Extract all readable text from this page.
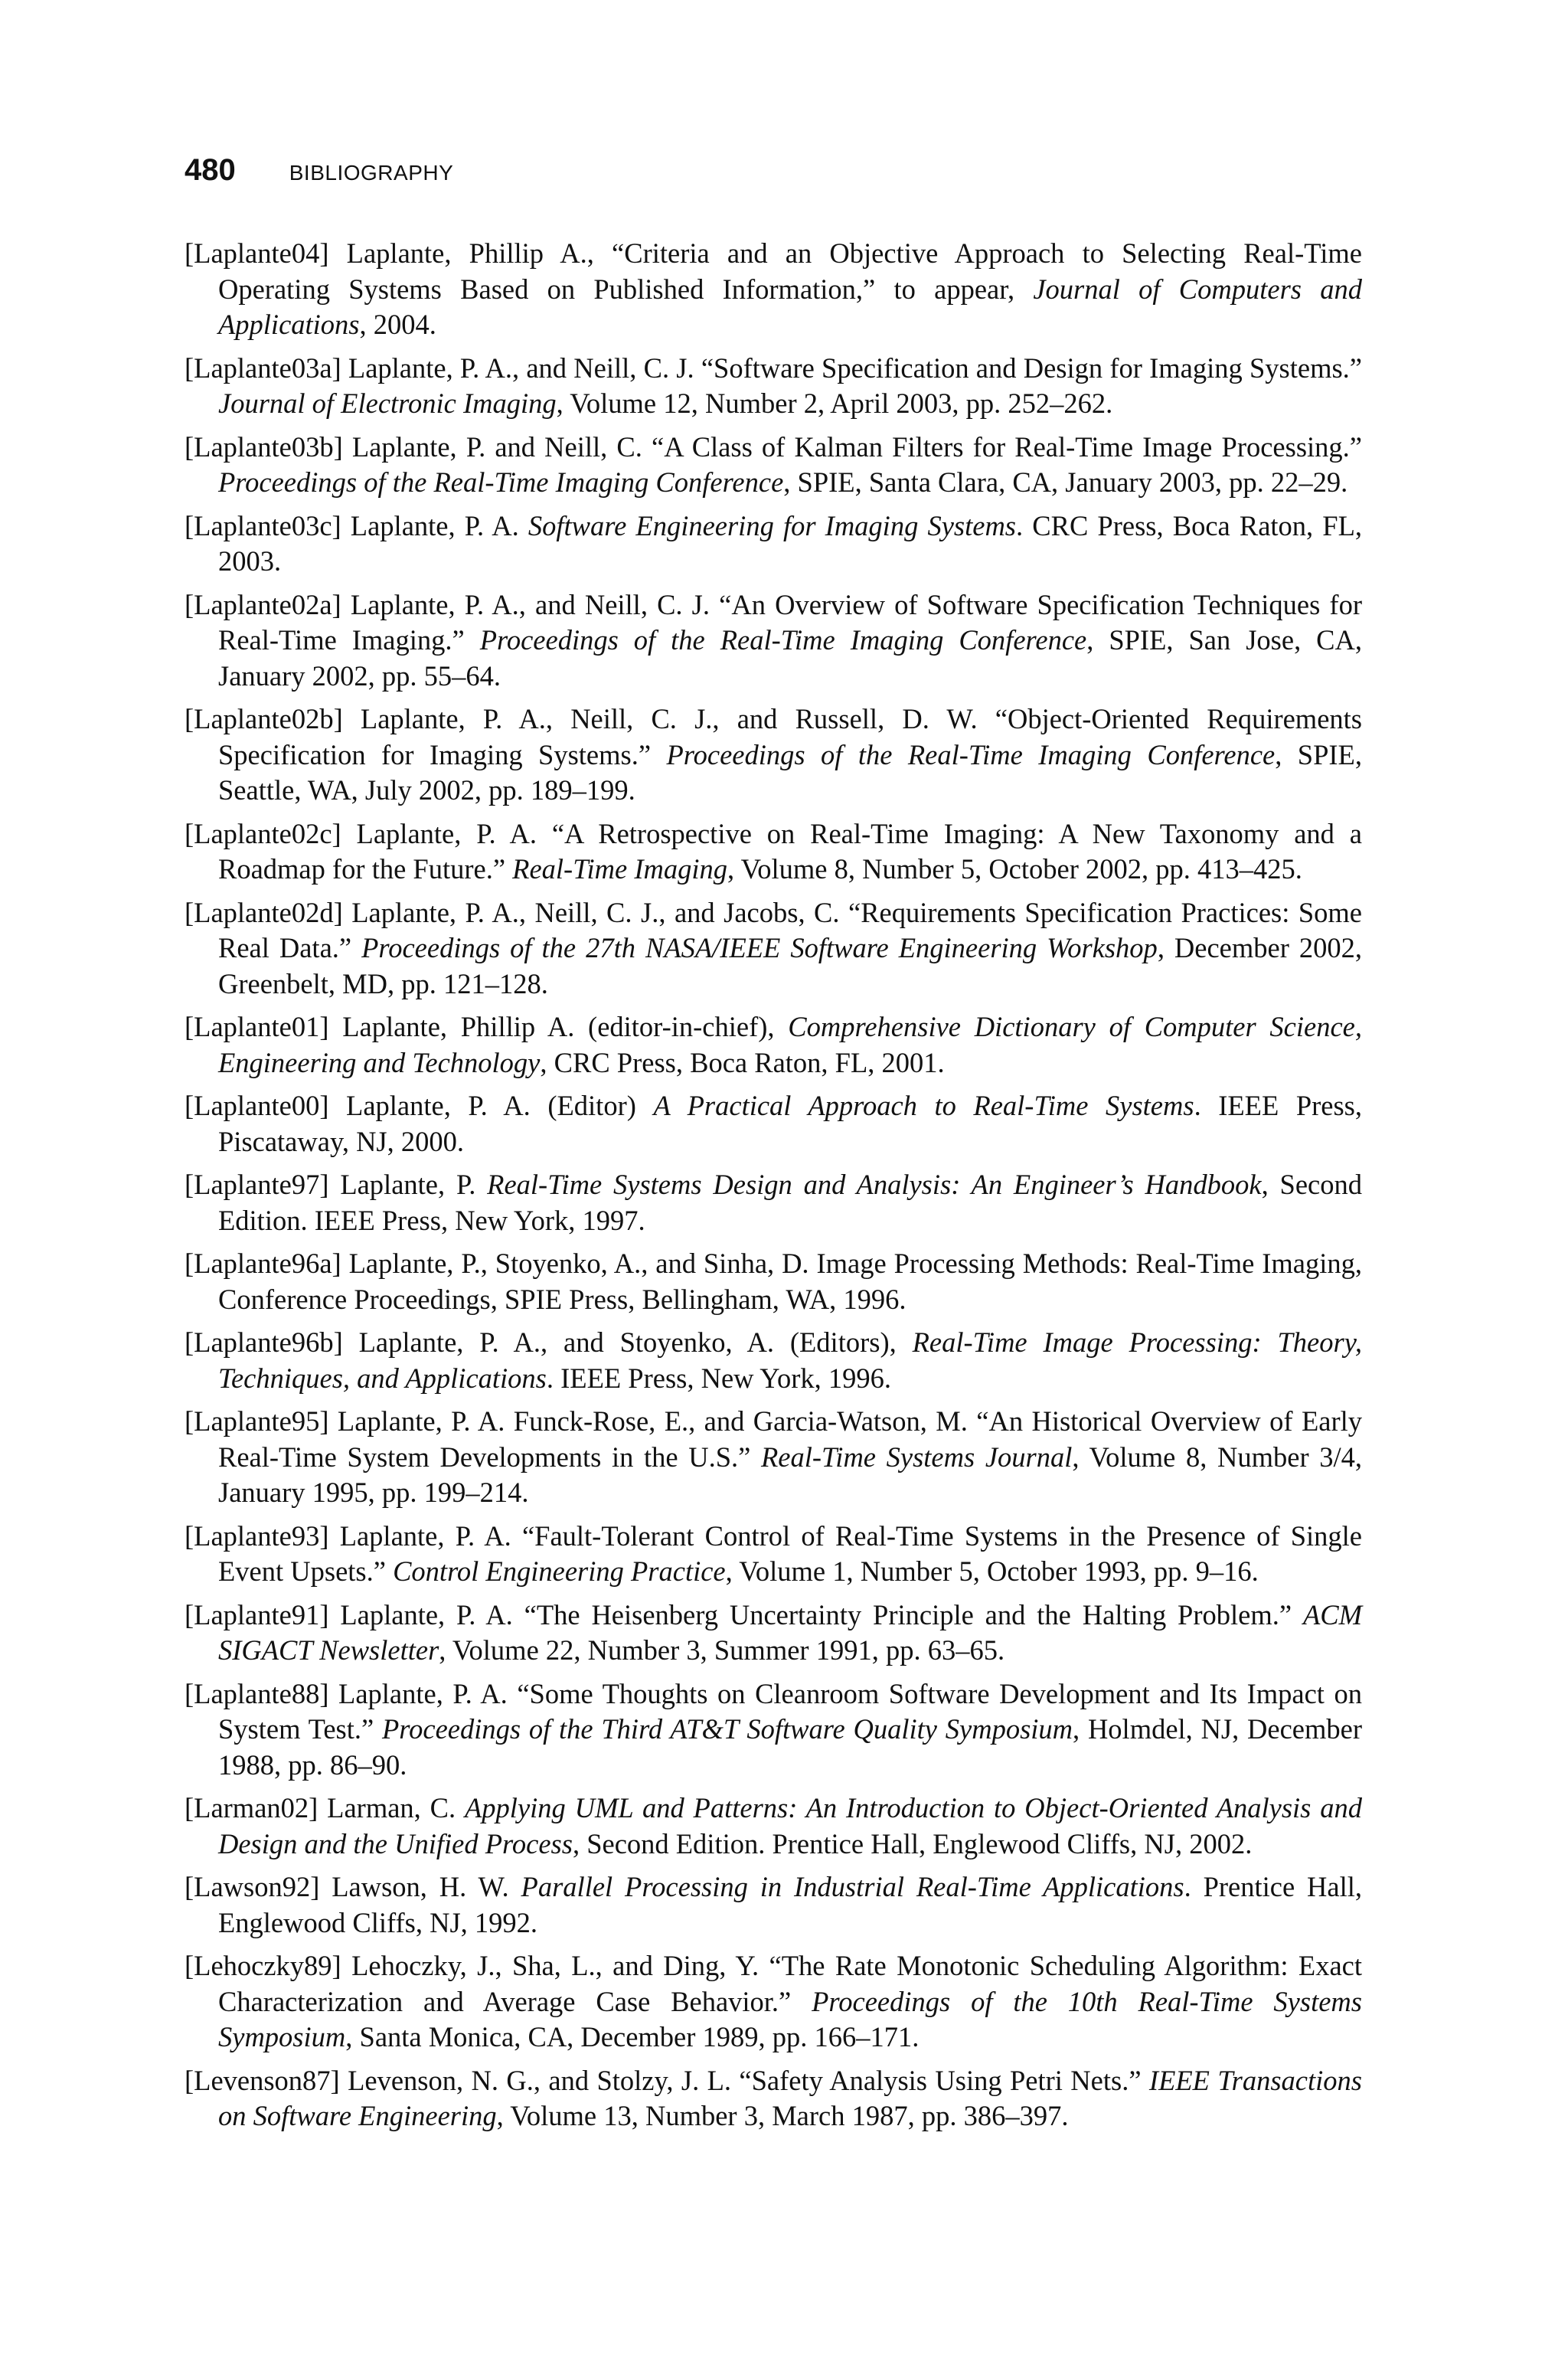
480	BIBLIOGRAPHY
[Laplante04] Laplante, Phillip A., “Criteria and an Objective Approach to Selecting Real-Time Operating Systems Based on Published Information,” to appear, Journal of Computers and Applications, 2004.
[Laplante03a] Laplante, P. A., and Neill, C. J. “Software Specification and Design for Imaging Systems.” Journal of Electronic Imaging, Volume 12, Number 2, April 2003, pp. 252–262.
[Laplante03b] Laplante, P. and Neill, C. “A Class of Kalman Filters for Real-Time Image Processing.” Proceedings of the Real-Time Imaging Conference, SPIE, Santa Clara, CA, January 2003, pp. 22–29.
[Laplante03c] Laplante, P. A. Software Engineering for Imaging Systems. CRC Press, Boca Raton, FL, 2003.
[Laplante02a] Laplante, P. A., and Neill, C. J. “An Overview of Software Specification Techniques for Real-Time Imaging.” Proceedings of the Real-Time Imaging Conference, SPIE, San Jose, CA, January 2002, pp. 55–64.
[Laplante02b] Laplante, P. A., Neill, C. J., and Russell, D. W. “Object-Oriented Requirements Specification for Imaging Systems.” Proceedings of the Real-Time Imaging Conference, SPIE, Seattle, WA, July 2002, pp. 189–199.
[Laplante02c] Laplante, P. A. “A Retrospective on Real-Time Imaging: A New Taxonomy and a Roadmap for the Future.” Real-Time Imaging, Volume 8, Number 5, October 2002, pp. 413–425.
[Laplante02d] Laplante, P. A., Neill, C. J., and Jacobs, C. “Requirements Specification Practices: Some Real Data.” Proceedings of the 27th NASA/IEEE Software Engineering Workshop, December 2002, Greenbelt, MD, pp. 121–128.
[Laplante01] Laplante, Phillip A. (editor-in-chief), Comprehensive Dictionary of Computer Science, Engineering and Technology, CRC Press, Boca Raton, FL, 2001.
[Laplante00] Laplante, P. A. (Editor) A Practical Approach to Real-Time Systems. IEEE Press, Piscataway, NJ, 2000.
[Laplante97] Laplante, P. Real-Time Systems Design and Analysis: An Engineer’s Handbook, Second Edition. IEEE Press, New York, 1997.
[Laplante96a] Laplante, P., Stoyenko, A., and Sinha, D. Image Processing Methods: Real-Time Imaging, Conference Proceedings, SPIE Press, Bellingham, WA, 1996.
[Laplante96b] Laplante, P. A., and Stoyenko, A. (Editors), Real-Time Image Processing: Theory, Techniques, and Applications. IEEE Press, New York, 1996.
[Laplante95] Laplante, P. A. Funck-Rose, E., and Garcia-Watson, M. “An Historical Overview of Early Real-Time System Developments in the U.S.” Real-Time Systems Journal, Volume 8, Number 3/4, January 1995, pp. 199–214.
[Laplante93] Laplante, P. A. “Fault-Tolerant Control of Real-Time Systems in the Presence of Single Event Upsets.” Control Engineering Practice, Volume 1, Number 5, October 1993, pp. 9–16.
[Laplante91] Laplante, P. A. “The Heisenberg Uncertainty Principle and the Halting Problem.” ACM SIGACT Newsletter, Volume 22, Number 3, Summer 1991, pp. 63–65.
[Laplante88] Laplante, P. A. “Some Thoughts on Cleanroom Software Development and Its Impact on System Test.” Proceedings of the Third AT&T Software Quality Symposium, Holmdel, NJ, December 1988, pp. 86–90.
[Larman02] Larman, C. Applying UML and Patterns: An Introduction to Object-Oriented Analysis and Design and the Unified Process, Second Edition. Prentice Hall, Englewood Cliffs, NJ, 2002.
[Lawson92] Lawson, H. W. Parallel Processing in Industrial Real-Time Applications. Prentice Hall, Englewood Cliffs, NJ, 1992.
[Lehoczky89] Lehoczky, J., Sha, L., and Ding, Y. “The Rate Monotonic Scheduling Algorithm: Exact Characterization and Average Case Behavior.” Proceedings of the 10th Real-Time Systems Symposium, Santa Monica, CA, December 1989, pp. 166–171.
[Levenson87] Levenson, N. G., and Stolzy, J. L. “Safety Analysis Using Petri Nets.” IEEE Transactions on Software Engineering, Volume 13, Number 3, March 1987, pp. 386–397.
